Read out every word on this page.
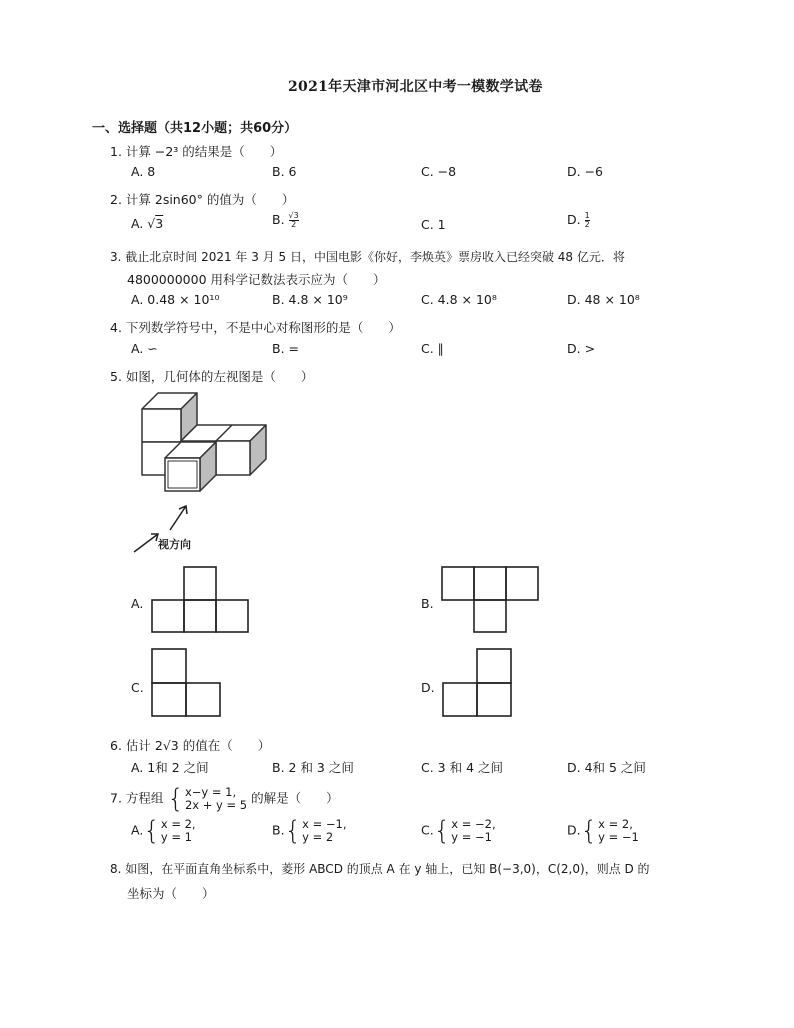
2021年天津市河北区中考一模数学试卷
一、选择题（共12小题；共60分）
1. 计算 −2³ 的结果是（　　）
A. 8	B. 6	C. −8	D. −6
2. 计算 2sin60° 的值为（　　）
A. √3	B. $\frac{√3}{2}$	C. 1	D. $\frac{1}{2}$
3. 截止北京时间 2021 年 3 月 5 日，中国电影《你好，李焕英》票房收入已经突破 48 亿元．将
4800000000 用科学记数法表示应为（　　）
A. 0.48 × 10¹⁰	B. 4.8 × 10⁹	C. 4.8 × 10⁸	D. 48 × 10⁸
4. 下列数学符号中，不是中心对称图形的是（　　）
A. ∽	B. =	C. ∥	D. >
5. 如图，几何体的左视图是（　　）
视方向
A.	B.
C.	D.
6. 估计 2√3 的值在（　　）
A. 1和 2 之间	B. 2 和 3 之间	C. 3 和 4 之间	D. 4和 5 之间
7. 方程组 { x−y = 1,
2x + y = 5 的解是（　　）
A. { x = 2,
y = 1	B. { x = −1,
y = 2	C. { x = −2,
y = −1	D. { x = 2,
y = −1
8. 如图，在平面直角坐标系中，菱形 ABCD 的顶点 A 在 y 轴上，已知 B(−3,0)，C(2,0)，则点 D 的
坐标为（　　）
